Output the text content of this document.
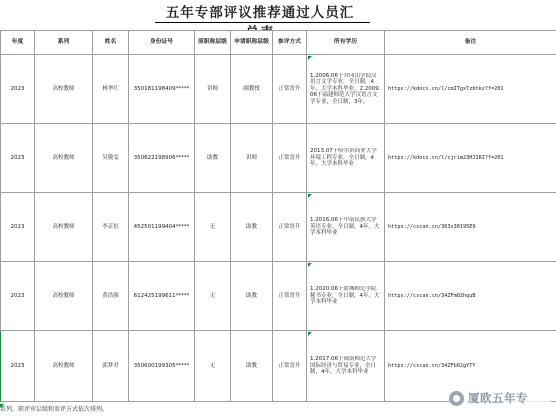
五年专部评议推荐通过人员汇
年度	系列	姓名	身份证号	原职称层级	申请职称层级	参评方式	所有学历	备注
2023	高校教师	林华红	350181198409*****	讲师	副教授	正常晋升	1.2006.06于井冈山学院汉语言文学专业，全日制，4年，大学本科毕业。2.2009.06于福建师范大学汉语言文学专业，全日制，3年，	https://kdocs.cn/l/cmITgxTzbtkz?f=201
2023	高校教师	吴敬雯	350622198906*****	助教	讲师	正常晋升	2013.07于哈尔滨商业大学环境工程专业，全日制，4年，大学本科毕业	https://kdocs.cn/l/cjrim23HJIRI?f=201
2023	高校教师	李京恒	452501199404*****	无	助教	正常晋升	1.2016.06于中南民族大学英语专业，全日制，4年，大学本科毕业	https://cscan.cn/363x30195E9
2023	高校教师	黄浩强	612425199611*****	无	助教	正常晋升	1.2020.06于盐城师范学院秘书专业，全日制，4年，大学本科毕业	https://cscan.cn/34ZFm02hquB
2023	高校教师	郭梦君	350600199305*****	无	助教	正常晋升	1.2017.06于闽南师范大学国际经济与贸易专业，全日制，4年，大学本科毕业	https://cscan.cn/34ZFb02gYTY
系列、职评审层级和参评方式依次排列。
厦欧五年专
